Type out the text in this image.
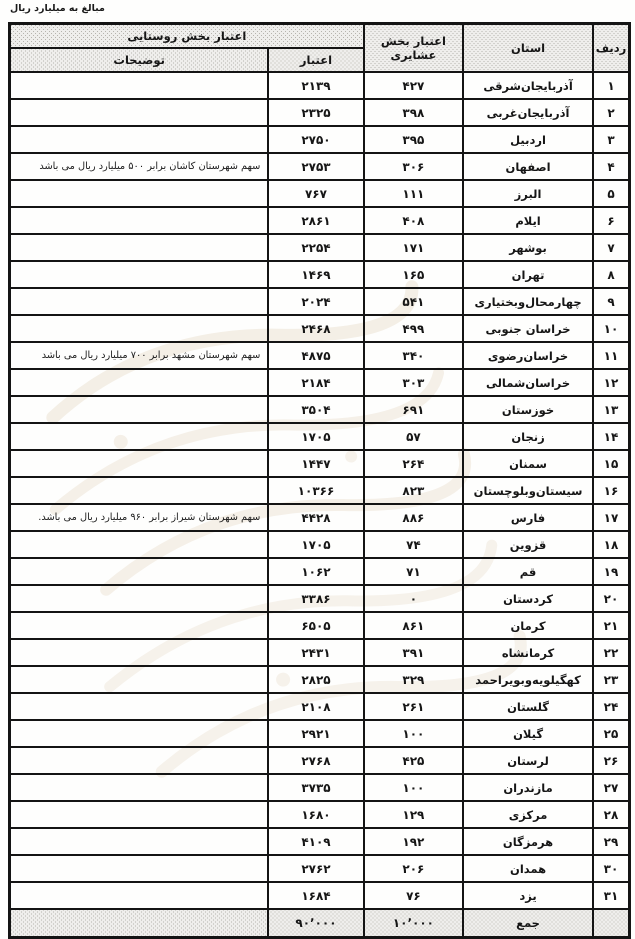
مبالغ به میلیارد ریال
ردیف	استان	اعتبار بخش
عشایری	اعتبار بخش روستایی	
			اعتبار	توضیحات
۱	آذربایجان‌شرقی	۴۲۷	۲۱۳۹	
۲	آذربایجان‌غربی	۳۹۸	۲۳۲۵	
۳	اردبیل	۳۹۵	۲۷۵۰	
۴	اصفهان	۳۰۶	۲۷۵۳	سهم شهرستان کاشان برابر ۵۰۰ میلیارد ریال می باشد
۵	البرز	۱۱۱	۷۶۷	
۶	ایلام	۴۰۸	۲۸۶۱	
۷	بوشهر	۱۷۱	۲۲۵۴	
۸	تهران	۱۶۵	۱۴۶۹	
۹	چهارمحال‌وبختیاری	۵۴۱	۲۰۲۴	
۱۰	خراسان جنوبی	۴۹۹	۲۴۶۸	
۱۱	خراسان‌رضوی	۳۴۰	۴۸۷۵	سهم شهرستان مشهد برابر ۷۰۰ میلیارد ریال می باشد
۱۲	خراسان‌شمالی	۳۰۳	۲۱۸۴	
۱۳	خوزستان	۶۹۱	۳۵۰۴	
۱۴	زنجان	۵۷	۱۷۰۵	
۱۵	سمنان	۲۶۴	۱۴۴۷	
۱۶	سیستان‌وبلوچستان	۸۲۳	۱۰۳۶۶	
۱۷	فارس	۸۸۶	۴۴۲۸	سهم شهرستان شیراز برابر ۹۶۰ میلیارد ریال می باشد.
۱۸	قزوین	۷۴	۱۷۰۵	
۱۹	قم	۷۱	۱۰۶۲	
۲۰	کردستان	۰	۳۳۸۶	
۲۱	کرمان	۸۶۱	۶۵۰۵	
۲۲	کرمانشاه	۳۹۱	۲۴۳۱	
۲۳	کهگیلویه‌وبویراحمد	۳۲۹	۲۸۲۵	
۲۴	گلستان	۲۶۱	۲۱۰۸	
۲۵	گیلان	۱۰۰	۲۹۲۱	
۲۶	لرستان	۴۲۵	۲۷۶۸	
۲۷	مازندران	۱۰۰	۳۷۳۵	
۲۸	مرکزی	۱۲۹	۱۶۸۰	
۲۹	هرمزگان	۱۹۲	۴۱۰۹	
۳۰	همدان	۲۰۶	۲۷۶۲	
۳۱	یزد	۷۶	۱۶۸۴	
	جمع	۱۰٬۰۰۰	۹۰٬۰۰۰	
